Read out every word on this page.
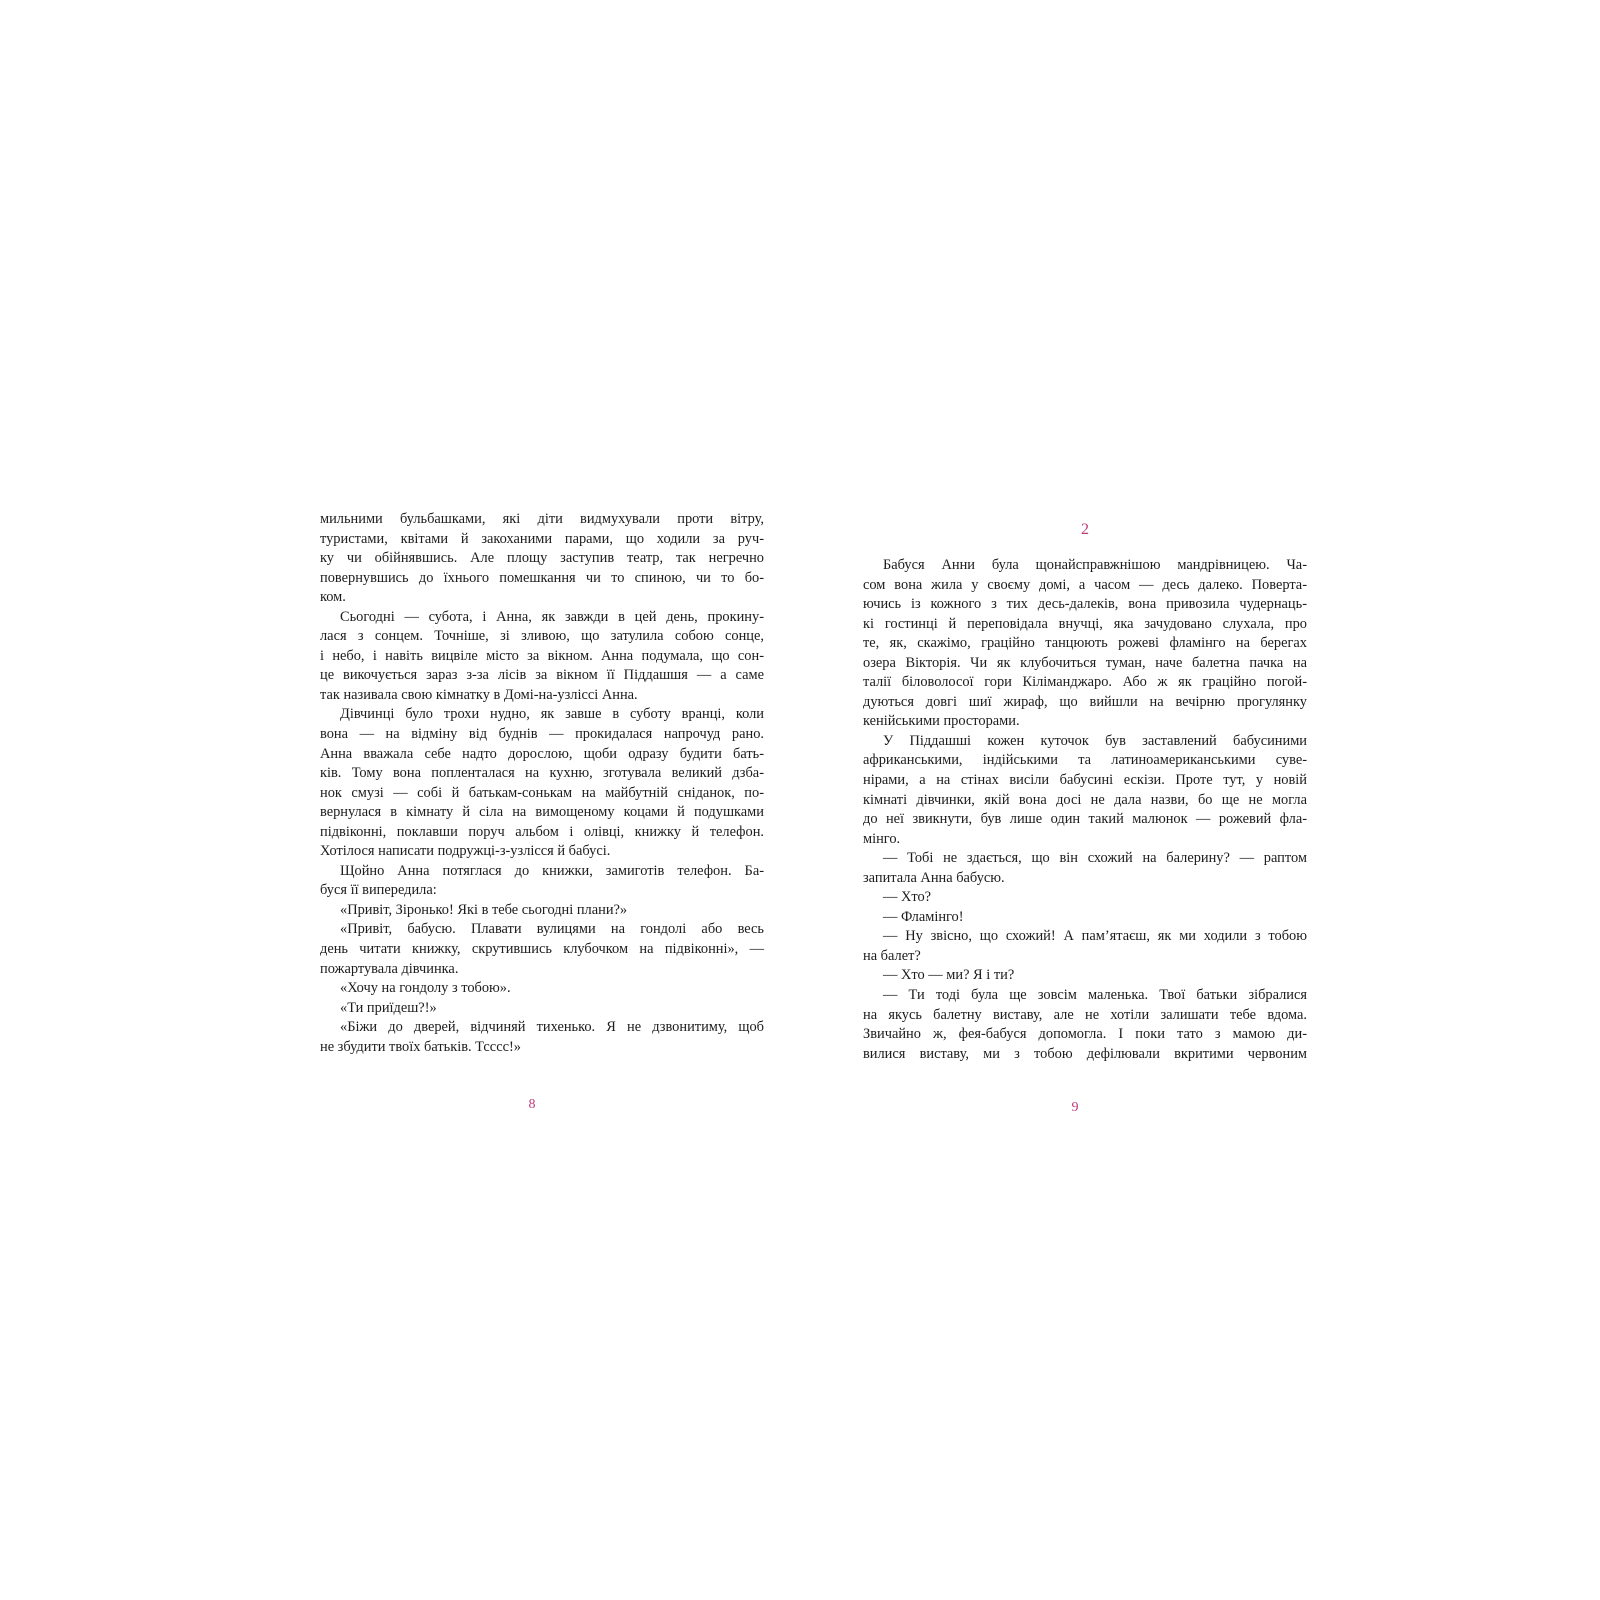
мильними бульбашками, які діти видмухували проти вітру,
туристами, квітами й закоханими парами, що ходили за руч-
ку чи обійнявшись. Але площу заступив театр, так негречно
повернувшись до їхнього помешкання чи то спиною, чи то бо-
ком.
Сьогодні — субота, і Анна, як завжди в цей день, прокину-
лася з сонцем. Точніше, зі зливою, що затулила собою сонце,
і небо, і навіть вицвіле місто за вікном. Анна подумала, що сон-
це викочується зараз з-за лісів за вікном її Піддашшя — а саме
так називала свою кімнатку в Домі-на-узліссі Анна.
Дівчинці було трохи нудно, як завше в суботу вранці, коли
вона — на відміну від буднів — прокидалася напрочуд рано.
Анна вважала себе надто дорослою, щоби одразу будити бать-
ків. Тому вона попленталася на кухню, зготувала великий дзба-
нок смузі — собі й батькам-сонькам на майбутній сніданок, по-
вернулася в кімнату й сіла на вимощеному коцами й подушками
підвіконні, поклавши поруч альбом і олівці, книжку й телефон.
Хотілося написати подружці-з-узлісся й бабусі.
Щойно Анна потяглася до книжки, замиготів телефон. Ба-
буся її випередила:
«Привіт, Зіронько! Які в тебе сьогодні плани?»
«Привіт, бабусю. Плавати вулицями на гондолі або весь
день читати книжку, скрутившись клубочком на підвіконні», —
пожартувала дівчинка.
«Хочу на гондолу з тобою».
«Ти приїдеш?!»
«Біжи до дверей, відчиняй тихенько. Я не дзвонитиму, щоб
не збудити твоїх батьків. Тсссс!»
8
2
Бабуся Анни була щонайсправжнішою мандрівницею. Ча-
сом вона жила у своєму домі, а часом — десь далеко. Поверта-
ючись із кожного з тих десь-далеків, вона привозила чудернаць-
кі гостинці й переповідала внучці, яка зачудовано слухала, про
те, як, скажімо, граційно танцюють рожеві фламінго на берегах
озера Вікторія. Чи як клубочиться туман, наче балетна пачка на
талії біловолосої гори Кіліманджаро. Або ж як граційно погой-
дуються довгі шиї жираф, що вийшли на вечірню прогулянку
кенійськими просторами.
У Піддашші кожен куточок був заставлений бабусиними
африканськими, індійськими та латиноамериканськими суве-
нірами, а на стінах висіли бабусині ескізи. Проте тут, у новій
кімнаті дівчинки, якій вона досі не дала назви, бо ще не могла
до неї звикнути, був лише один такий малюнок — рожевий фла-
мінго.
— Тобі не здається, що він схожий на балерину? — раптом
запитала Анна бабусю.
— Хто?
— Фламінго!
— Ну звісно, що схожий! А пам’ятаєш, як ми ходили з тобою
на балет?
— Хто — ми? Я і ти?
— Ти тоді була ще зовсім маленька. Твої батьки зібралися
на якусь балетну виставу, але не хотіли залишати тебе вдома.
Звичайно ж, фея-бабуся допомогла. І поки тато з мамою ди-
вилися виставу, ми з тобою дефілювали вкритими червоним
9
